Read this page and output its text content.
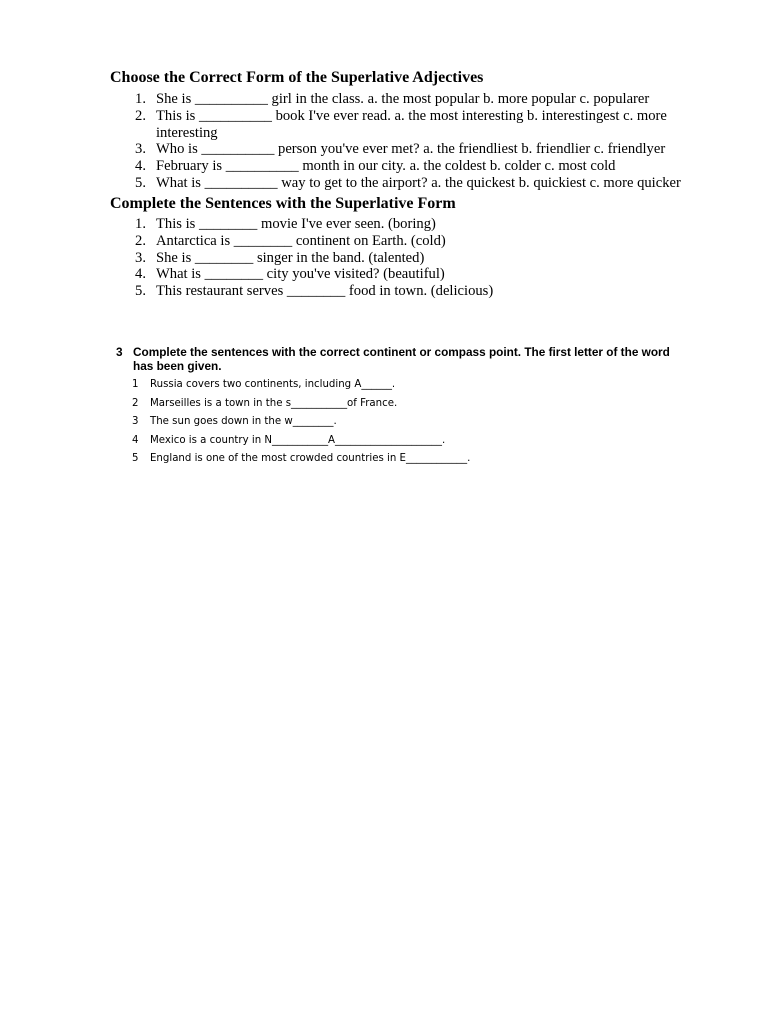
Choose the Correct Form of the Superlative Adjectives
1. She is __________ girl in the class. a. the most popular b. more popular c. popularer
2. This is __________ book I've ever read. a. the most interesting b. interestingest c. more interesting
3. Who is __________ person you've ever met? a. the friendliest b. friendlier c. friendlyer
4. February is __________ month in our city. a. the coldest b. colder c. most cold
5. What is __________ way to get to the airport? a. the quickest b. quickiest c. more quicker
Complete the Sentences with the Superlative Form
1. This is ________ movie I've ever seen. (boring)
2. Antarctica is ________ continent on Earth. (cold)
3. She is ________ singer in the band. (talented)
4. What is ________ city you've visited? (beautiful)
5. This restaurant serves ________ food in town. (delicious)
3 Complete the sentences with the correct continent or compass point. The first letter of the word has been given.
1 Russia covers two continents, including A______.
2 Marseilles is a town in the s___________of France.
3 The sun goes down in the w________.
4 Mexico is a country in N___________A_____________________.
5 England is one of the most crowded countries in E____________.
